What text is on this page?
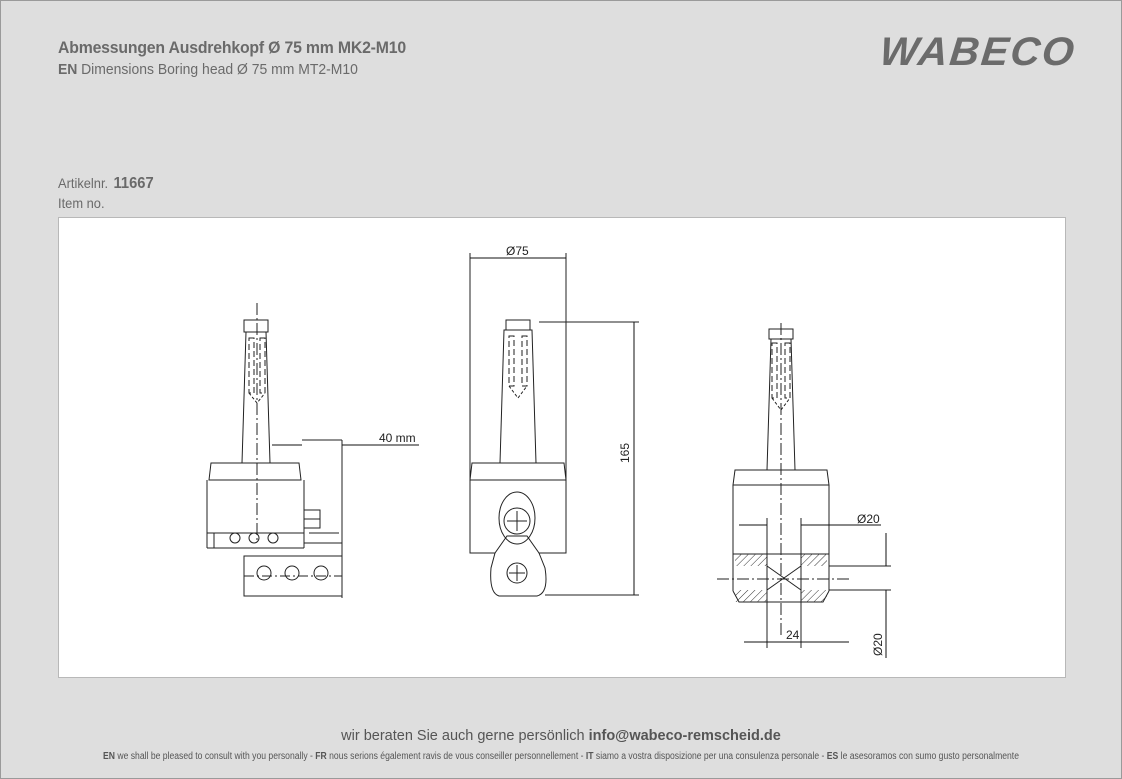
Abmessungen Ausdrehkopf Ø 75 mm MK2-M10
EN Dimensions Boring head Ø 75 mm MT2-M10	WABECO
Artikelnr. 11667
Item no.
40 mm
Ø75
165
Ø20
24	Ø20
wir beraten Sie auch gerne persönlich info@wabeco-remscheid.de
EN we shall be pleased to consult with you personally - FR nous serions également ravis de vous conseiller personnellement - IT siamo a vostra disposizione per una consulenza personale - ES le asesoramos con sumo gusto personalmente
